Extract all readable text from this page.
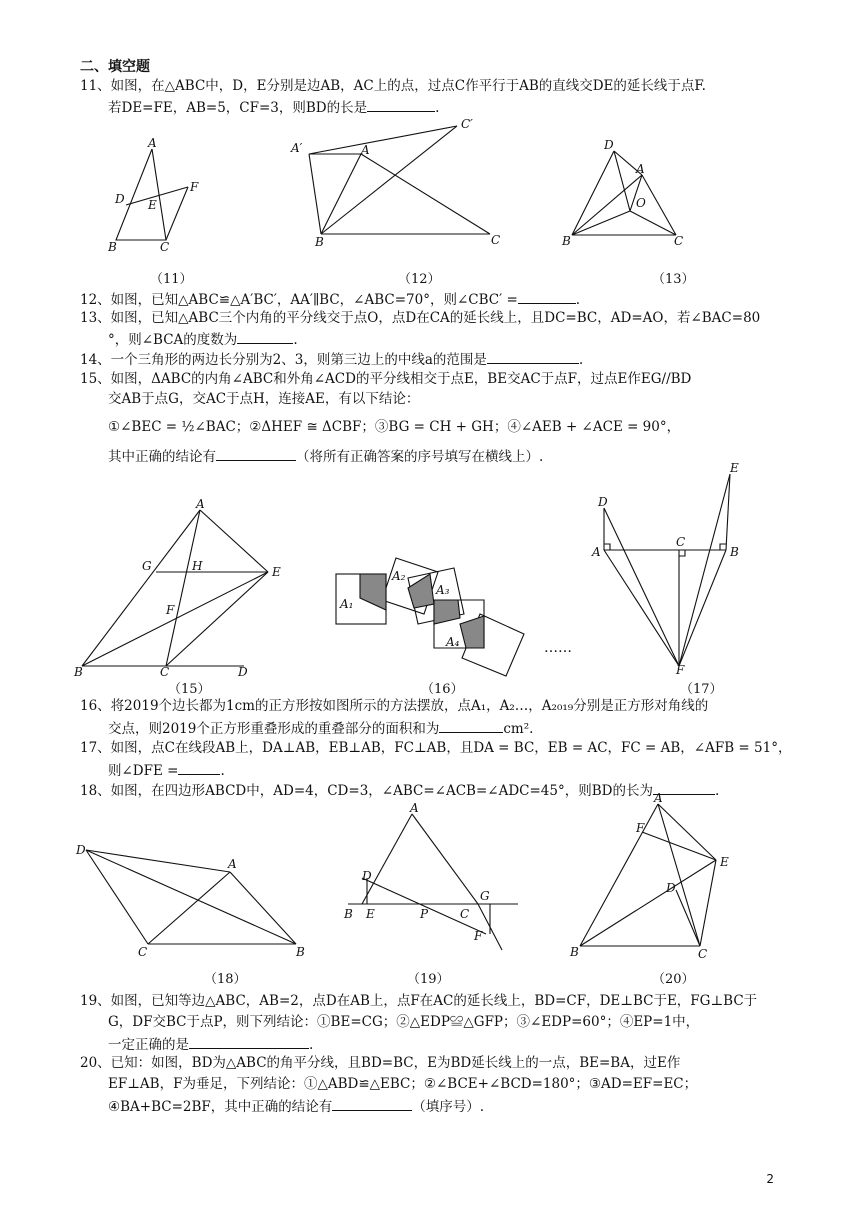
二、填空题
11、如图，在△ABC中，D，E分别是边AB，AC上的点，过点C作平行于AB的直线交DE的延长线于点F.
若DE=FE，AB=5，CF=3，则BD的长是	.
A
D E
F
B	C
A′	A
C′
B	C
D
A
O
B	C
（11）	（12）	（13）
12、如图，已知△ABC≌△A′BC′，AA′∥BC，∠ABC=70°，则∠CBC′ =	.
13、如图，已知△ABC三个内角的平分线交于点O，点D在CA的延长线上，且DC=BC，AD=AO，若∠BAC=80
°，则∠BCA的度数为	.
14、一个三角形的两边长分别为2、3，则第三边上的中线a的范围是	.
15、如图，ΔABC的内角∠ABC和外角∠ACD的平分线相交于点E，BE交AC于点F，过点E作EG//BD
交AB于点G，交AC于点H，连接AE，有以下结论：
①∠BEC = ½∠BAC；②ΔHEF ≅ ΔCBF；③BG = CH + GH；④∠AEB + ∠ACE = 90°，
其中正确的结论有	（将所有正确答案的序号填写在横线上）.
A
G	H	E
F
B	C	D
A₁
A₂
A₃
A₄	……
D
E
A
C
B
F
（15）	（16）	（17）
16、将2019个边长都为1cm的正方形按如图所示的方法摆放，点A₁，A₂…，A₂₀₁₉分别是正方形对角线的
交点，则2019个正方形重叠形成的重叠部分的面积和为	cm².
17、如图，点C在线段AB上，DA⊥AB，EB⊥AB，FC⊥AB，且DA = BC，EB = AC，FC = AB，∠AFB = 51°，
则∠DFE =	.
18、如图，在四边形ABCD中，AD=4，CD=3，∠ABC=∠ACB=∠ADC=45°，则BD的长为	.
D
A
C	B
A
D
B E	P	C
G
F
A
F
E
D
B	C
（18）	（19）	（20）
19、如图，已知等边△ABC，AB=2，点D在AB上，点F在AC的延长线上，BD=CF，DE⊥BC于E，FG⊥BC于
G，DF交BC于点P，则下列结论：①BE=CG；②△EDP≌△GFP；③∠EDP=60°；④EP=1中，
一定正确的是	.
20、已知：如图，BD为△ABC的角平分线，且BD=BC，E为BD延长线上的一点，BE=BA，过E作
EF⊥AB，F为垂足，下列结论：①△ABD≌△EBC；②∠BCE+∠BCD=180°；③AD=EF=EC；
④BA+BC=2BF，其中正确的结论有	（填序号）.
2
